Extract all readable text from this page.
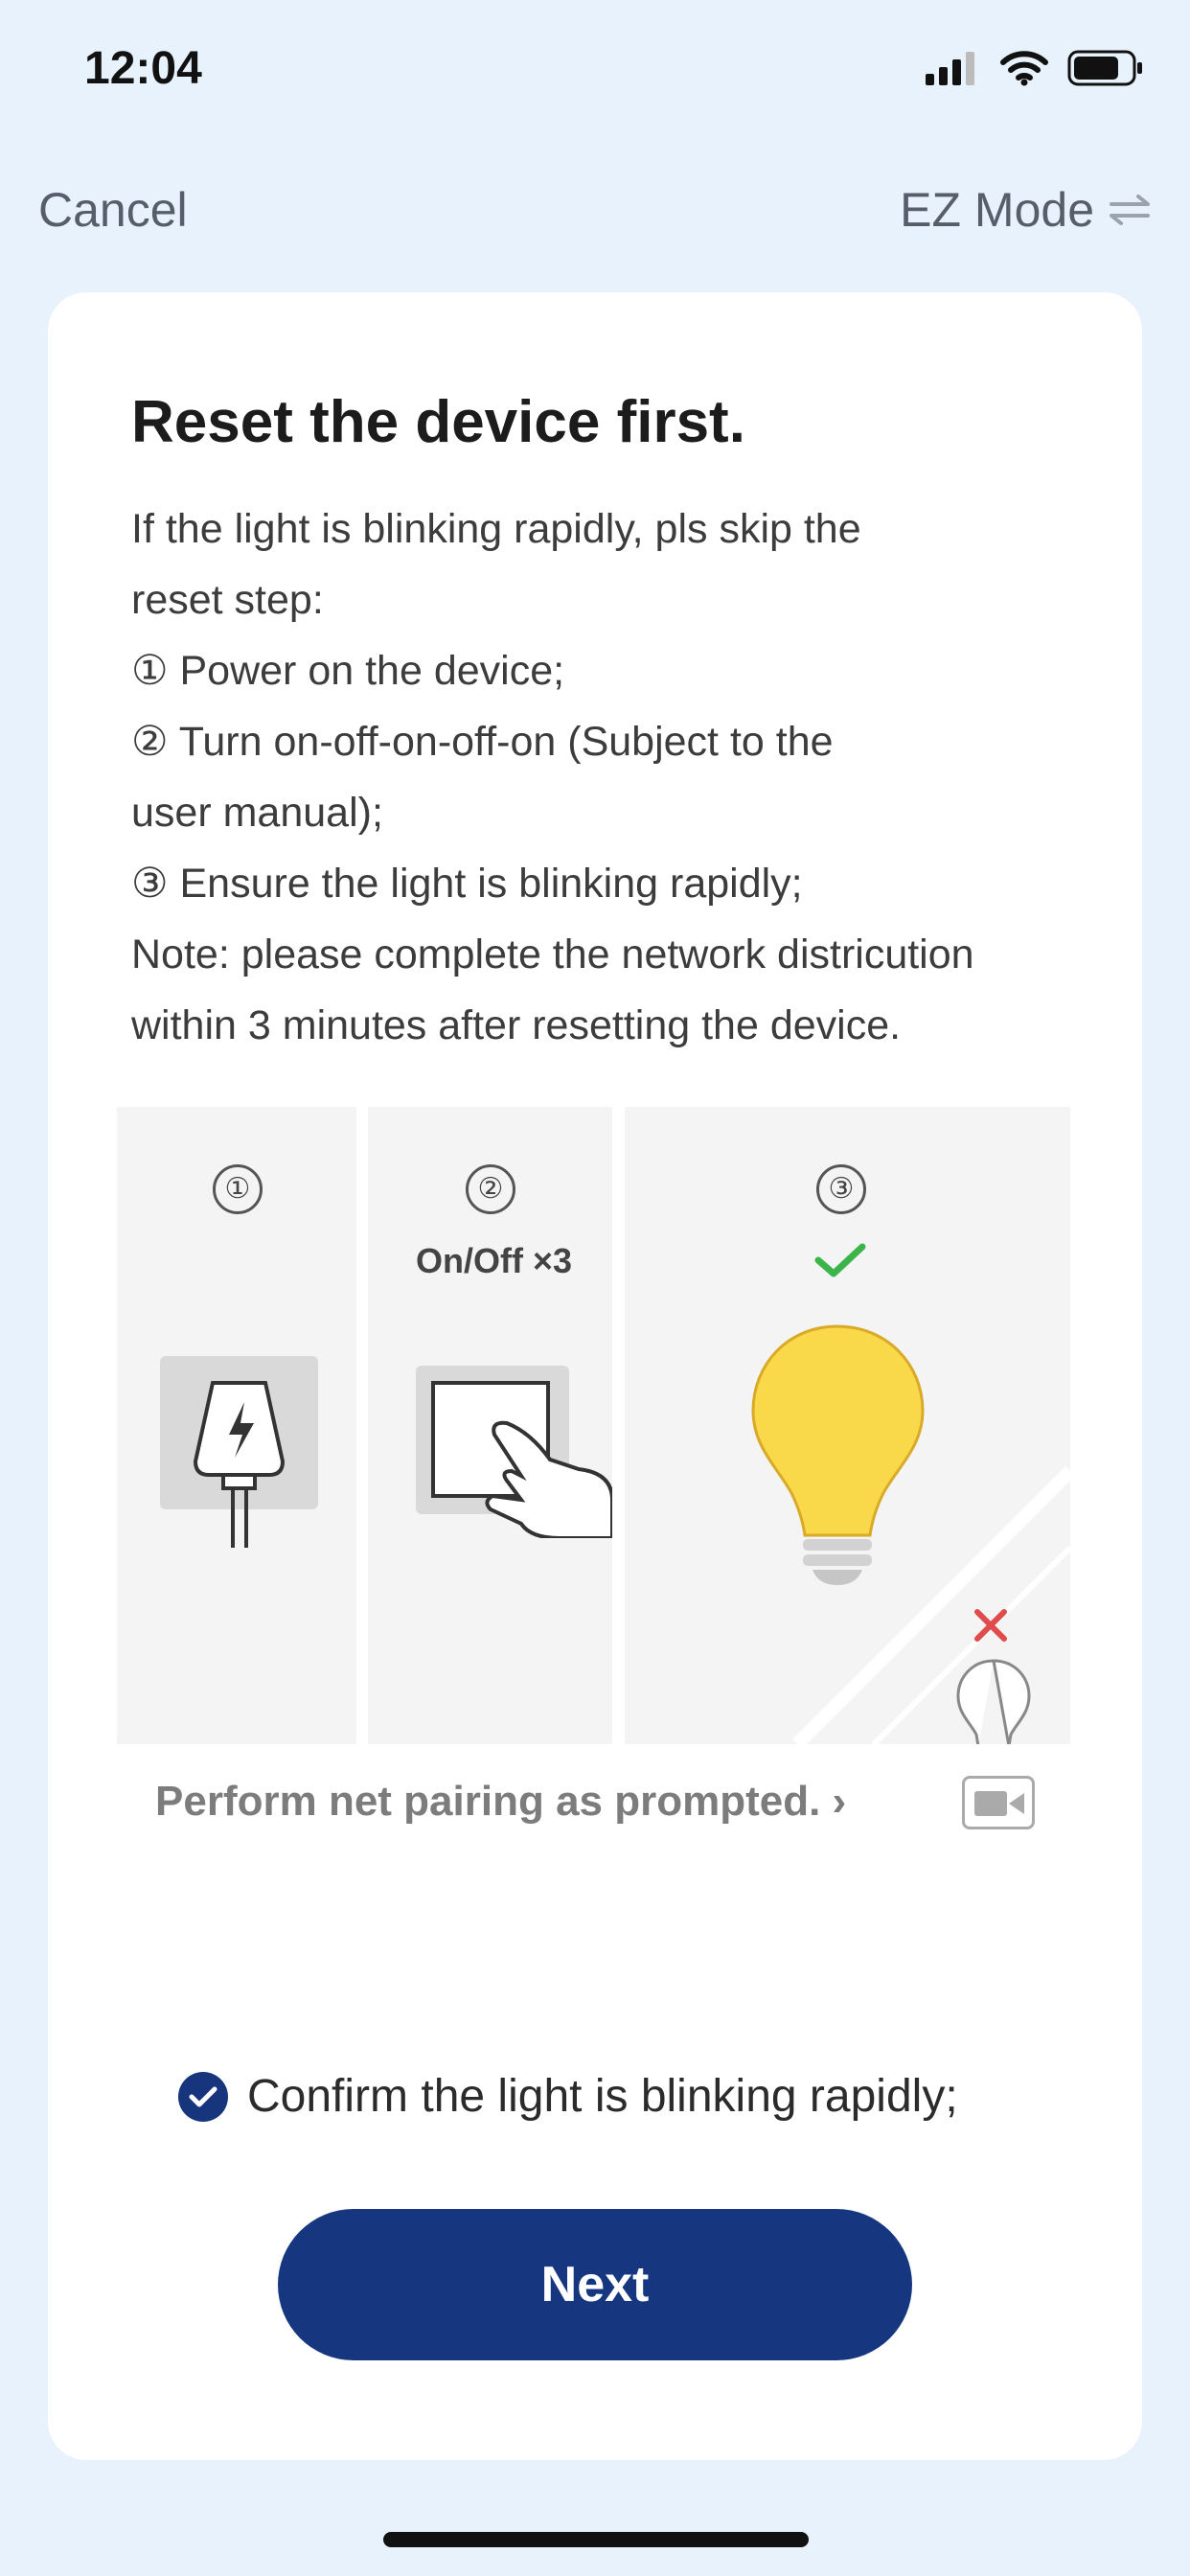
12:04
Cancel	EZ Mode
Reset the device first.
If the light is blinking rapidly, pls skip the
reset step:
① Power on the device;
② Turn on-off-on-off-on (Subject to the
user manual);
③ Ensure the light is blinking rapidly;
Note: please complete the network districution
within 3 minutes after resetting the device.
①	②
On/Off ×3
③
Perform net pairing as prompted. ›
Confirm the light is blinking rapidly;
Next
